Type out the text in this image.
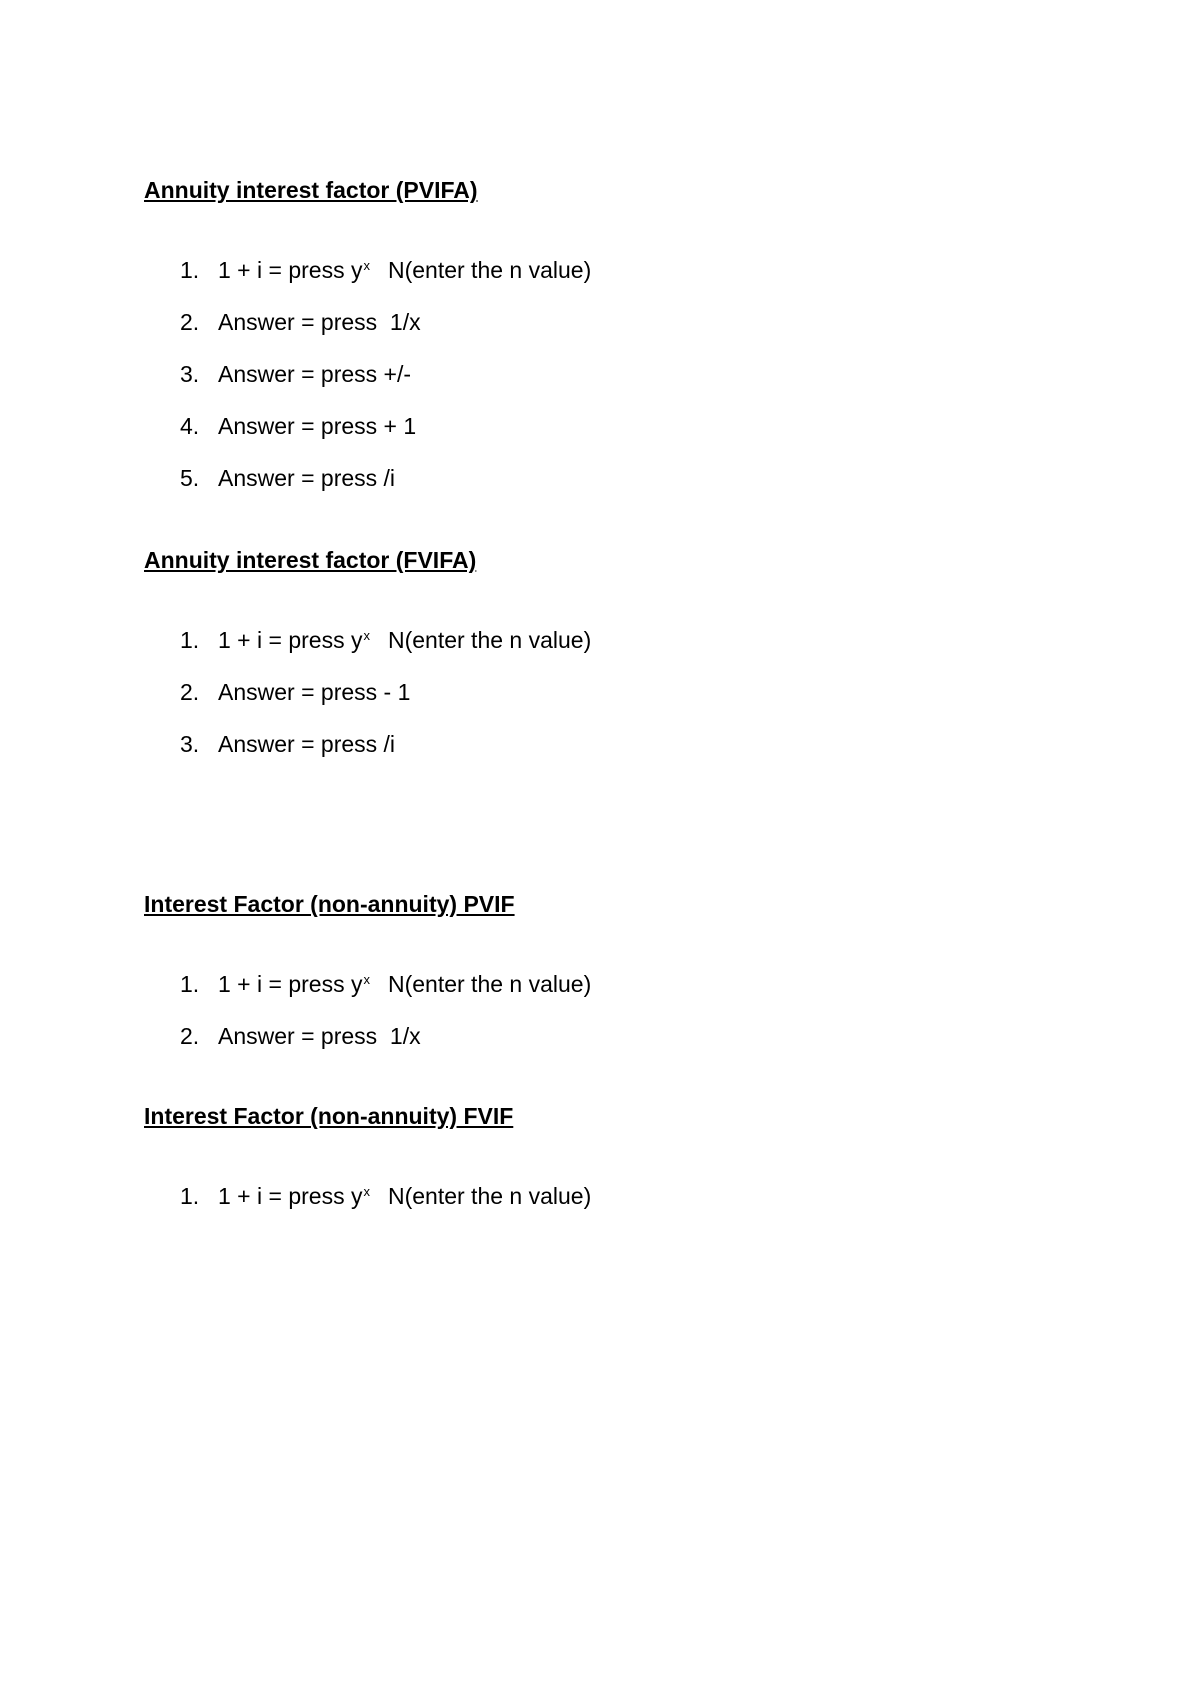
Annuity interest factor (PVIFA)
1. 1 + i = press $y^x$ N(enter the n value)
2. Answer = press  1/x
3. Answer = press +/-
4. Answer = press + 1
5. Answer = press /i
Annuity interest factor (FVIFA)
1. 1 + i = press $y^x$ N(enter the n value)
2. Answer = press - 1
3. Answer = press /i
Interest Factor (non-annuity) PVIF
1. 1 + i = press $y^x$ N(enter the n value)
2. Answer = press  1/x
Interest Factor (non-annuity) FVIF
1. 1 + i = press $y^x$ N(enter the n value)
